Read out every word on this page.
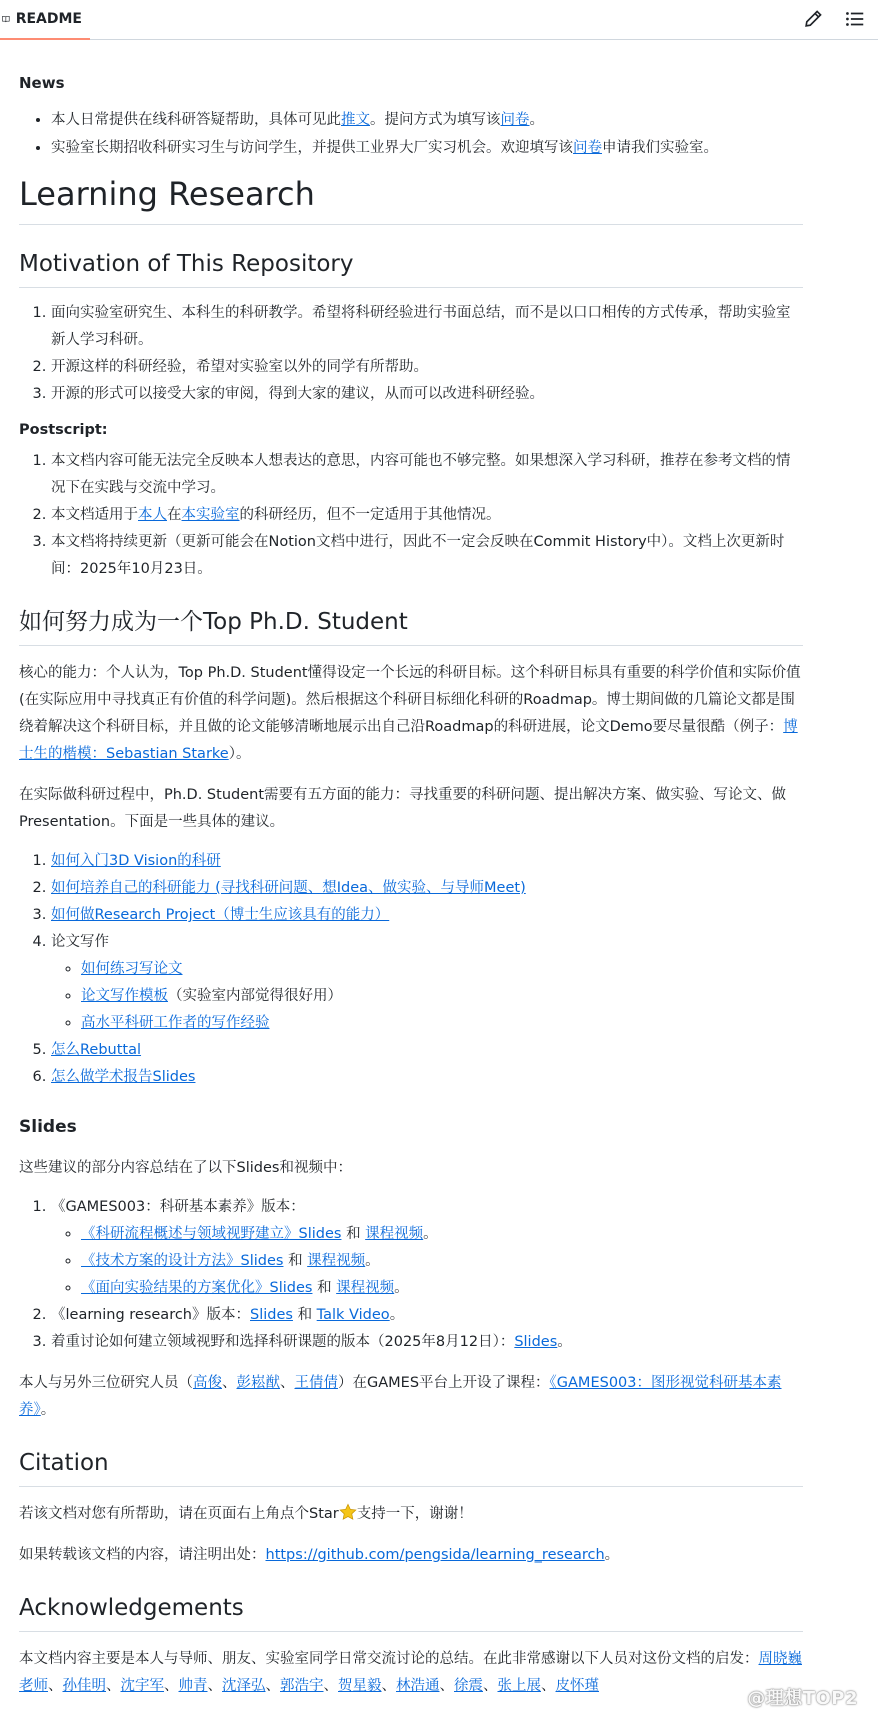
README
News
• 本人日常提供在线科研答疑帮助，具体可见此推文。提问方式为填写该问卷。
• 实验室长期招收科研实习生与访问学生，并提供工业界大厂实习机会。欢迎填写该问卷申请我们实验室。
Learning Research
Motivation of This Repository
1. 面向实验室研究生、本科生的科研教学。希望将科研经验进行书面总结，而不是以口口相传的方式传承，帮助实验室新人学习科研。
2. 开源这样的科研经验，希望对实验室以外的同学有所帮助。
3. 开源的形式可以接受大家的审阅，得到大家的建议，从而可以改进科研经验。
Postscript:
1. 本文档内容可能无法完全反映本人想表达的意思，内容可能也不够完整。如果想深入学习科研，推荐在参考文档的情况下在实践与交流中学习。
2. 本文档适用于本人在本实验室的科研经历，但不一定适用于其他情况。
3. 本文档将持续更新（更新可能会在Notion文档中进行，因此不一定会反映在Commit History中）。文档上次更新时间：2025年10月23日。
如何努力成为一个Top Ph.D. Student

核心的能力：个人认为，Top Ph.D. Student懂得设定一个长远的科研目标。这个科研目标具有重要的科学价值和实际价值 (在实际应用中寻找真正有价值的科学问题)。然后根据这个科研目标细化科研的Roadmap。博士期间做的几篇论文都是围绕着解决这个科研目标，并且做的论文能够清晰地展示出自己沿Roadmap的科研进展，论文Demo要尽量很酷（例子：博士生的楷模：Sebastian Starke）。

在实际做科研过程中，Ph.D. Student需要有五方面的能力：寻找重要的科研问题、提出解决方案、做实验、写论文、做Presentation。下面是一些具体的建议。

1. 如何入门3D Vision的科研
2. 如何培养自己的科研能力 (寻找科研问题、想Idea、做实验、与导师Meet)
3. 如何做Research Project（博士生应该具有的能力）
4. 论文写作
◦ 如何练习写论文
◦ 论文写作模板（实验室内部觉得很好用）
◦ 高水平科研工作者的写作经验
5. 怎么Rebuttal
6. 怎么做学术报告Slides
Slides

这些建议的部分内容总结在了以下Slides和视频中：

1. 《GAMES003：科研基本素养》版本：
◦ 《科研流程概述与领域视野建立》Slides 和 课程视频。
◦ 《技术方案的设计方法》Slides 和 课程视频。
◦ 《面向实验结果的方案优化》Slides 和 课程视频。
2. 《learning research》版本：Slides 和 Talk Video。
3. 着重讨论如何建立领域视野和选择科研课题的版本（2025年8月12日）：Slides。

本人与另外三位研究人员（高俊、彭崧猷、王倩倩）在GAMES平台上开设了课程：《GAMES003：图形视觉科研基本素养》。

Citation

若该文档对您有所帮助，请在页面右上角点个Star 支持一下，谢谢！

如果转载该文档的内容，请注明出处：https://github.com/pengsida/learning_research。

Acknowledgements

本文档内容主要是本人与导师、朋友、实验室同学日常交流讨论的总结。在此非常感谢以下人员对这份文档的启发：周晓巍老师、孙佳明、沈宇军、帅青、沈泽弘、郭浩宇、贺星毅、林浩通、徐震、张上展、皮怀瑾

@理想TOP2
